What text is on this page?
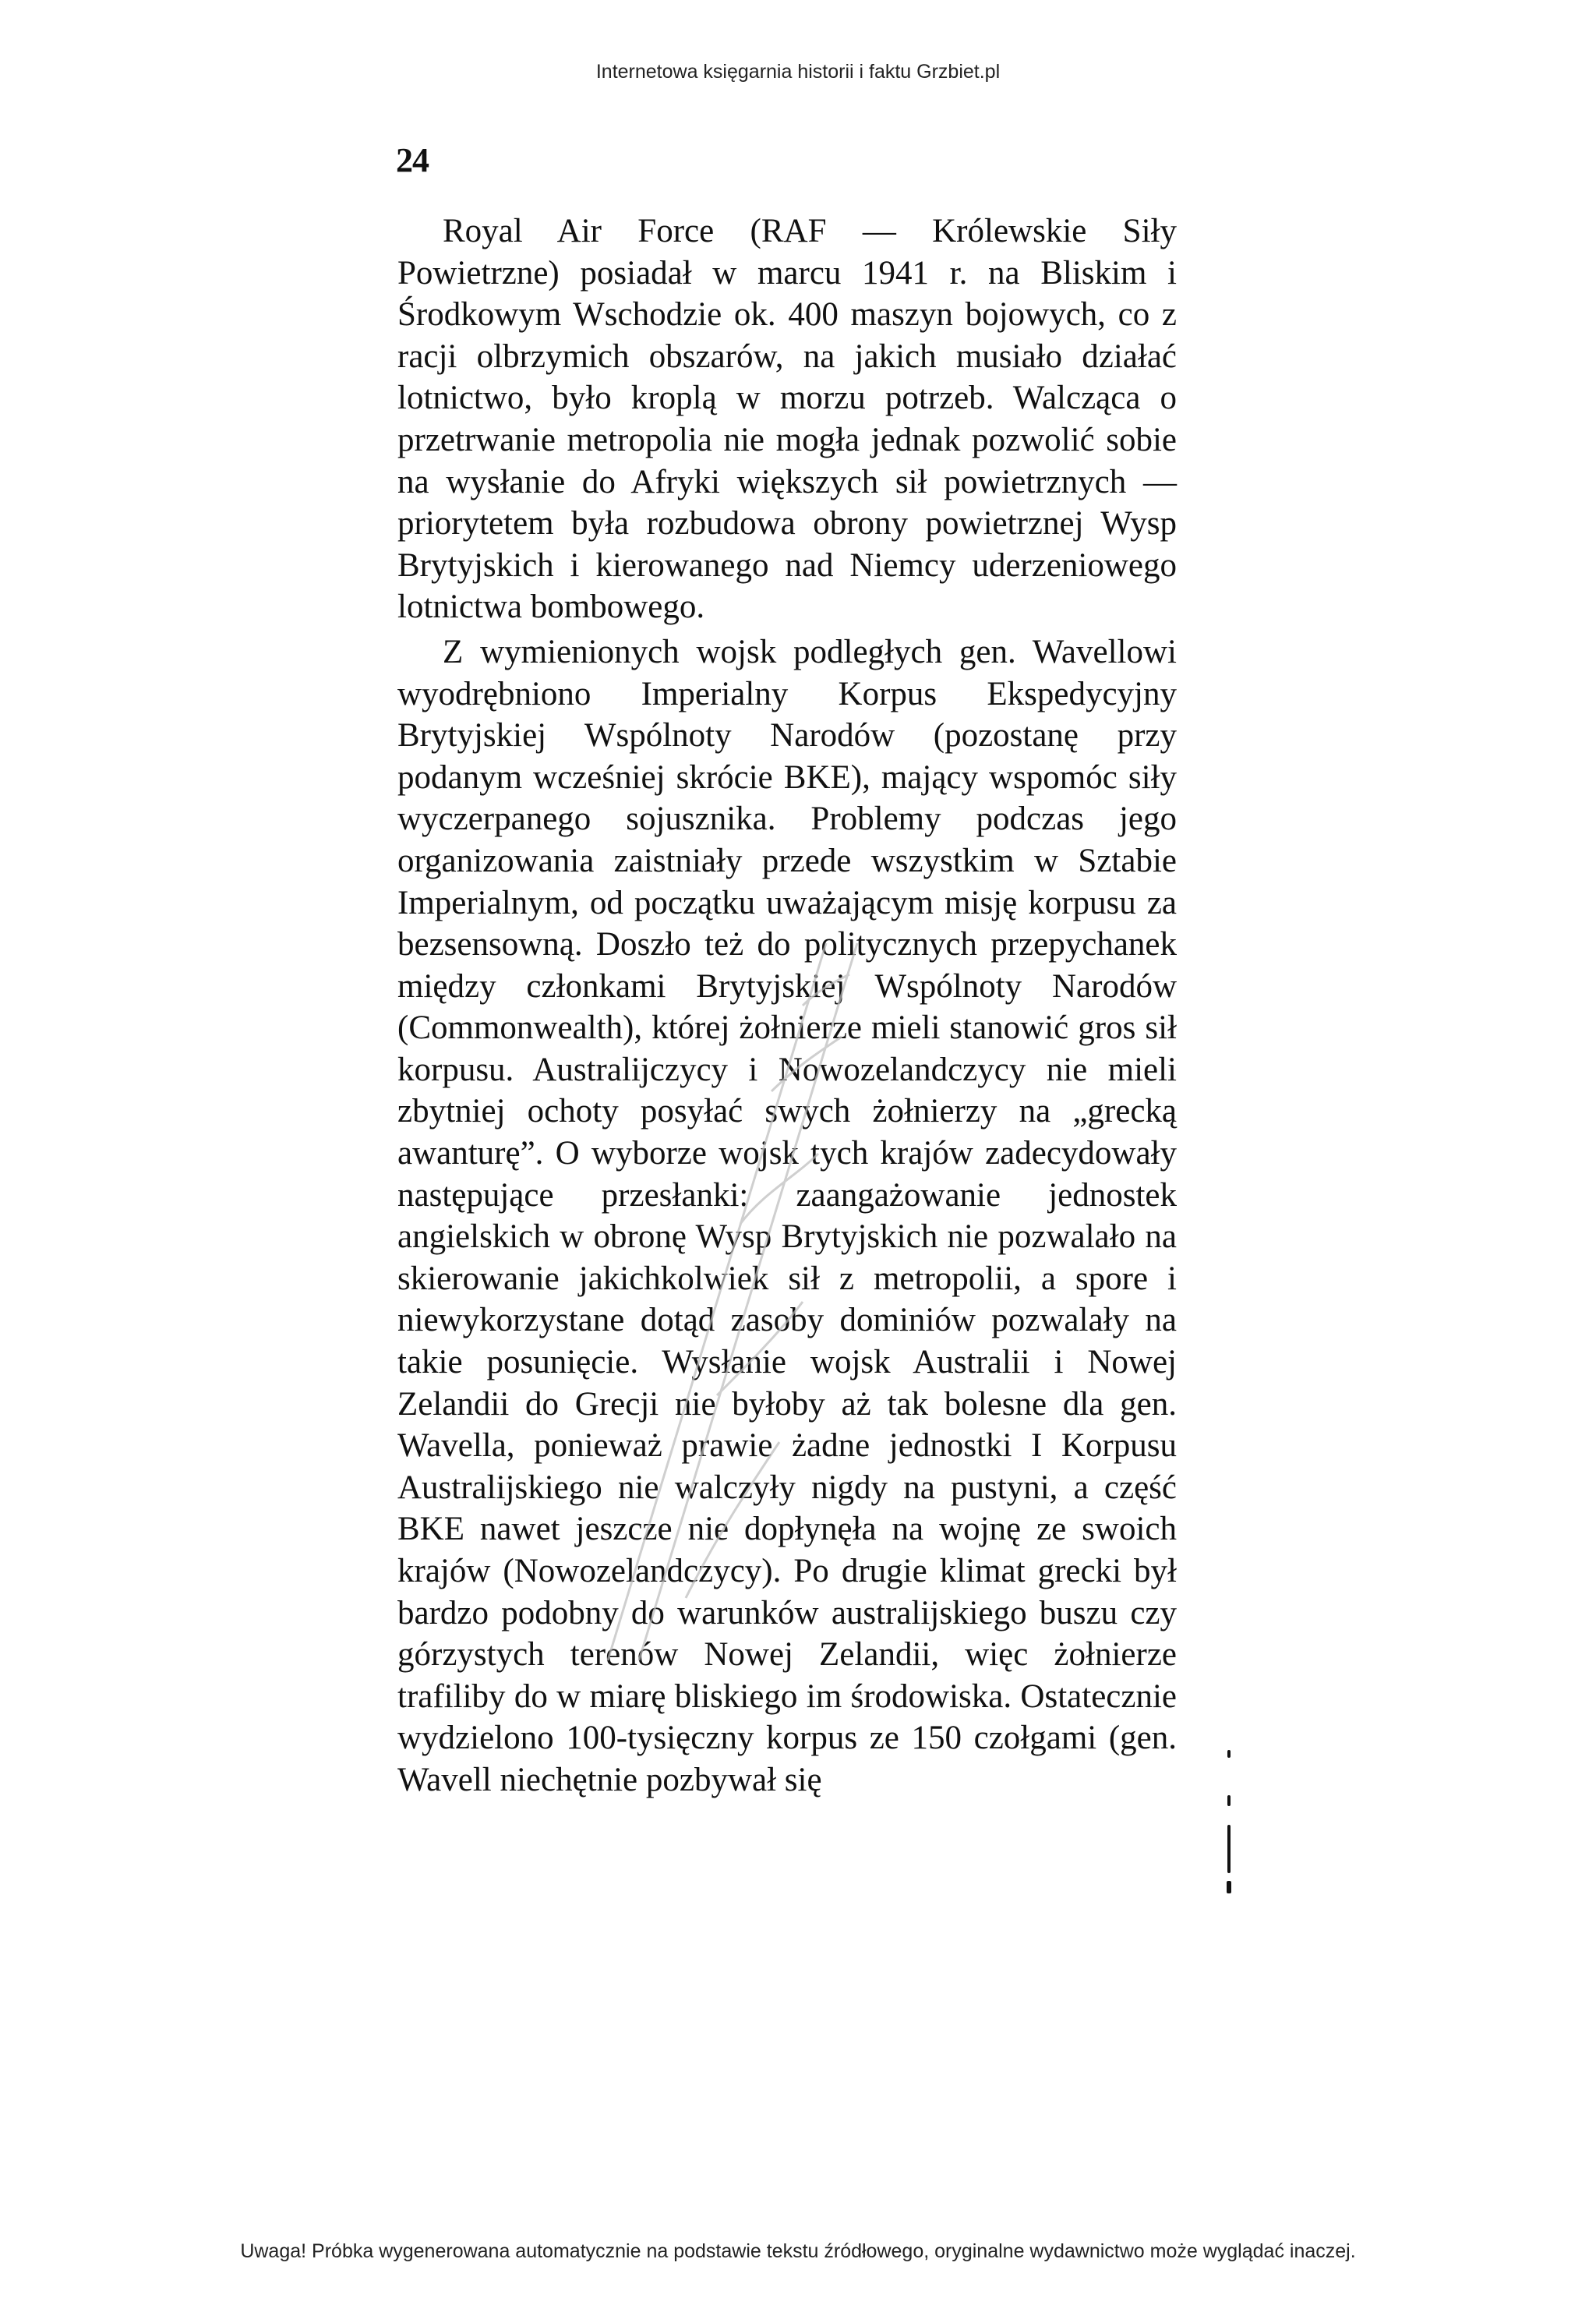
Internetowa księgarnia historii i faktu Grzbiet.pl
24

Royal Air Force (RAF — Królewskie Siły Powietrzne) posiadał w marcu 1941 r. na Bliskim i Środkowym Wschodzie ok. 400 maszyn bojowych, co z racji olbrzymich obszarów, na jakich musiało działać lotnictwo, było kroplą w morzu potrzeb. Walcząca o przetrwanie metropolia nie mogła jednak pozwolić sobie na wysłanie do Afryki większych sił powietrznych — priorytetem była rozbudowa obrony powietrznej Wysp Brytyjskich i kierowanego nad Niemcy uderzeniowego lotnictwa bombowego.

Z wymienionych wojsk podległych gen. Wavellowi wyodrębniono Imperialny Korpus Ekspedycyjny Brytyjskiej Wspólnoty Narodów (pozostanę przy podanym wcześniej skrócie BKE), mający wspomóc siły wyczerpanego sojusznika. Problemy podczas jego organizowania zaistniały przede wszystkim w Sztabie Imperialnym, od początku uważającym misję korpusu za bezsensowną. Doszło też do politycznych przepychanek między członkami Brytyjskiej Wspólnoty Narodów (Commonwealth), której żołnierze mieli stanowić gros sił korpusu. Australijczycy i Nowozelandczycy nie mieli zbytniej ochoty posyłać swych żołnierzy na „grecką awanturę”. O wyborze wojsk tych krajów zadecydowały następujące przesłanki: zaangażowanie jednostek angielskich w obronę Wysp Brytyjskich nie pozwalało na skierowanie jakichkolwiek sił z metropolii, a spore i niewykorzystane dotąd zasoby dominiów pozwalały na takie posunięcie. Wysłanie wojsk Australii i Nowej Zelandii do Grecji nie byłoby aż tak bolesne dla gen. Wavella, ponieważ prawie żadne jednostki I Korpusu Australijskiego nie walczyły nigdy na pustyni, a część BKE nawet jeszcze nie dopłynęła na wojnę ze swoich krajów (Nowozelandczycy). Po drugie klimat grecki był bardzo podobny do warunków australijskiego buszu czy górzystych terenów Nowej Zelandii, więc żołnierze trafiliby do w miarę bliskiego im środowiska. Ostatecznie wydzielono 100-tysięczny korpus ze 150 czołgami (gen. Wavell niechętnie pozbywał się

Uwaga! Próbka wygenerowana automatycznie na podstawie tekstu źródłowego, oryginalne wydawnictwo może wyglądać inaczej.
